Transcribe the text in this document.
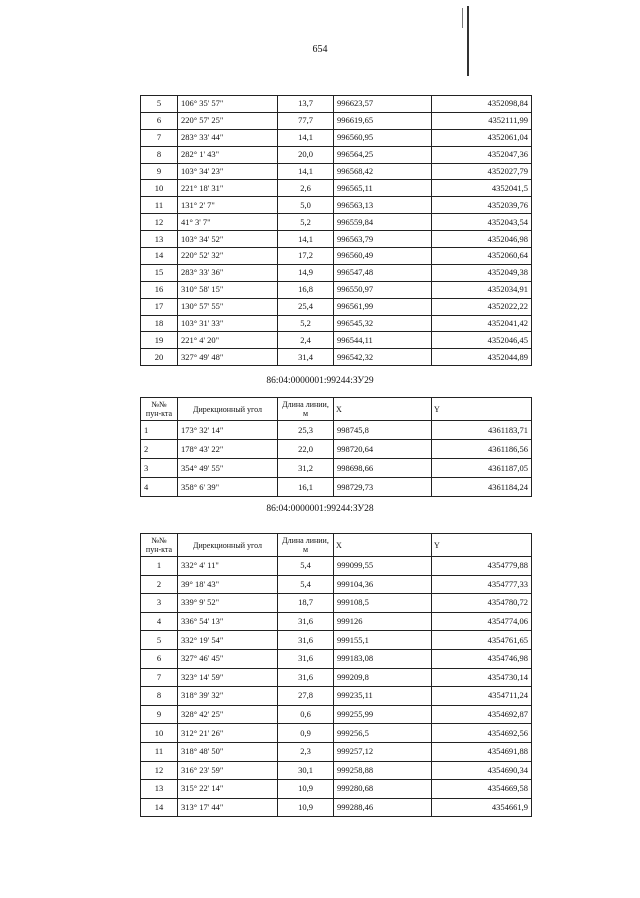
654
5	106° 35' 57"	13,7	996623,57	4352098,84
6	220° 57' 25"	77,7	996619,65	4352111,99
7	283° 33' 44"	14,1	996560,95	4352061,04
8	282° 1' 43"	20,0	996564,25	4352047,36
9	103° 34' 23"	14,1	996568,42	4352027,79
10	221° 18' 31"	2,6	996565,11	4352041,5
11	131° 2' 7"	5,0	996563,13	4352039,76
12	41° 3' 7"	5,2	996559,84	4352043,54
13	103° 34' 52"	14,1	996563,79	4352046,98
14	220° 52' 32"	17,2	996560,49	4352060,64
15	283° 33' 36"	14,9	996547,48	4352049,38
16	310° 58' 15"	16,8	996550,97	4352034,91
17	130° 57' 55"	25,4	996561,99	4352022,22
18	103° 31' 33"	5,2	996545,32	4352041,42
19	221° 4' 20"	2,4	996544,11	4352046,45
20	327° 49' 48"	31,4	996542,32	4352044,89
86:04:0000001:99244:ЗУ29
№№ пун-кта	Дирекционный угол	Длина линии, м	X	Y
1	173° 32' 14"	25,3	998745,8	4361183,71
2	178° 43' 22"	22,0	998720,64	4361186,56
3	354° 49' 55"	31,2	998698,66	4361187,05
4	358° 6' 39"	16,1	998729,73	4361184,24
86:04:0000001:99244:ЗУ28
№№ пун-кта	Дирекционный угол	Длина линии, м	X	Y
1	332° 4' 11"	5,4	999099,55	4354779,88
2	39° 18' 43"	5,4	999104,36	4354777,33
3	339° 9' 52"	18,7	999108,5	4354780,72
4	336° 54' 13"	31,6	999126	4354774,06
5	332° 19' 54"	31,6	999155,1	4354761,65
6	327° 46' 45"	31,6	999183,08	4354746,98
7	323° 14' 59"	31,6	999209,8	4354730,14
8	318° 39' 32"	27,8	999235,11	4354711,24
9	328° 42' 25"	0,6	999255,99	4354692,87
10	312° 21' 26"	0,9	999256,5	4354692,56
11	318° 48' 50"	2,3	999257,12	4354691,88
12	316° 23' 59"	30,1	999258,88	4354690,34
13	315° 22' 14"	10,9	999280,68	4354669,58
14	313° 17' 44"	10,9	999288,46	4354661,9
